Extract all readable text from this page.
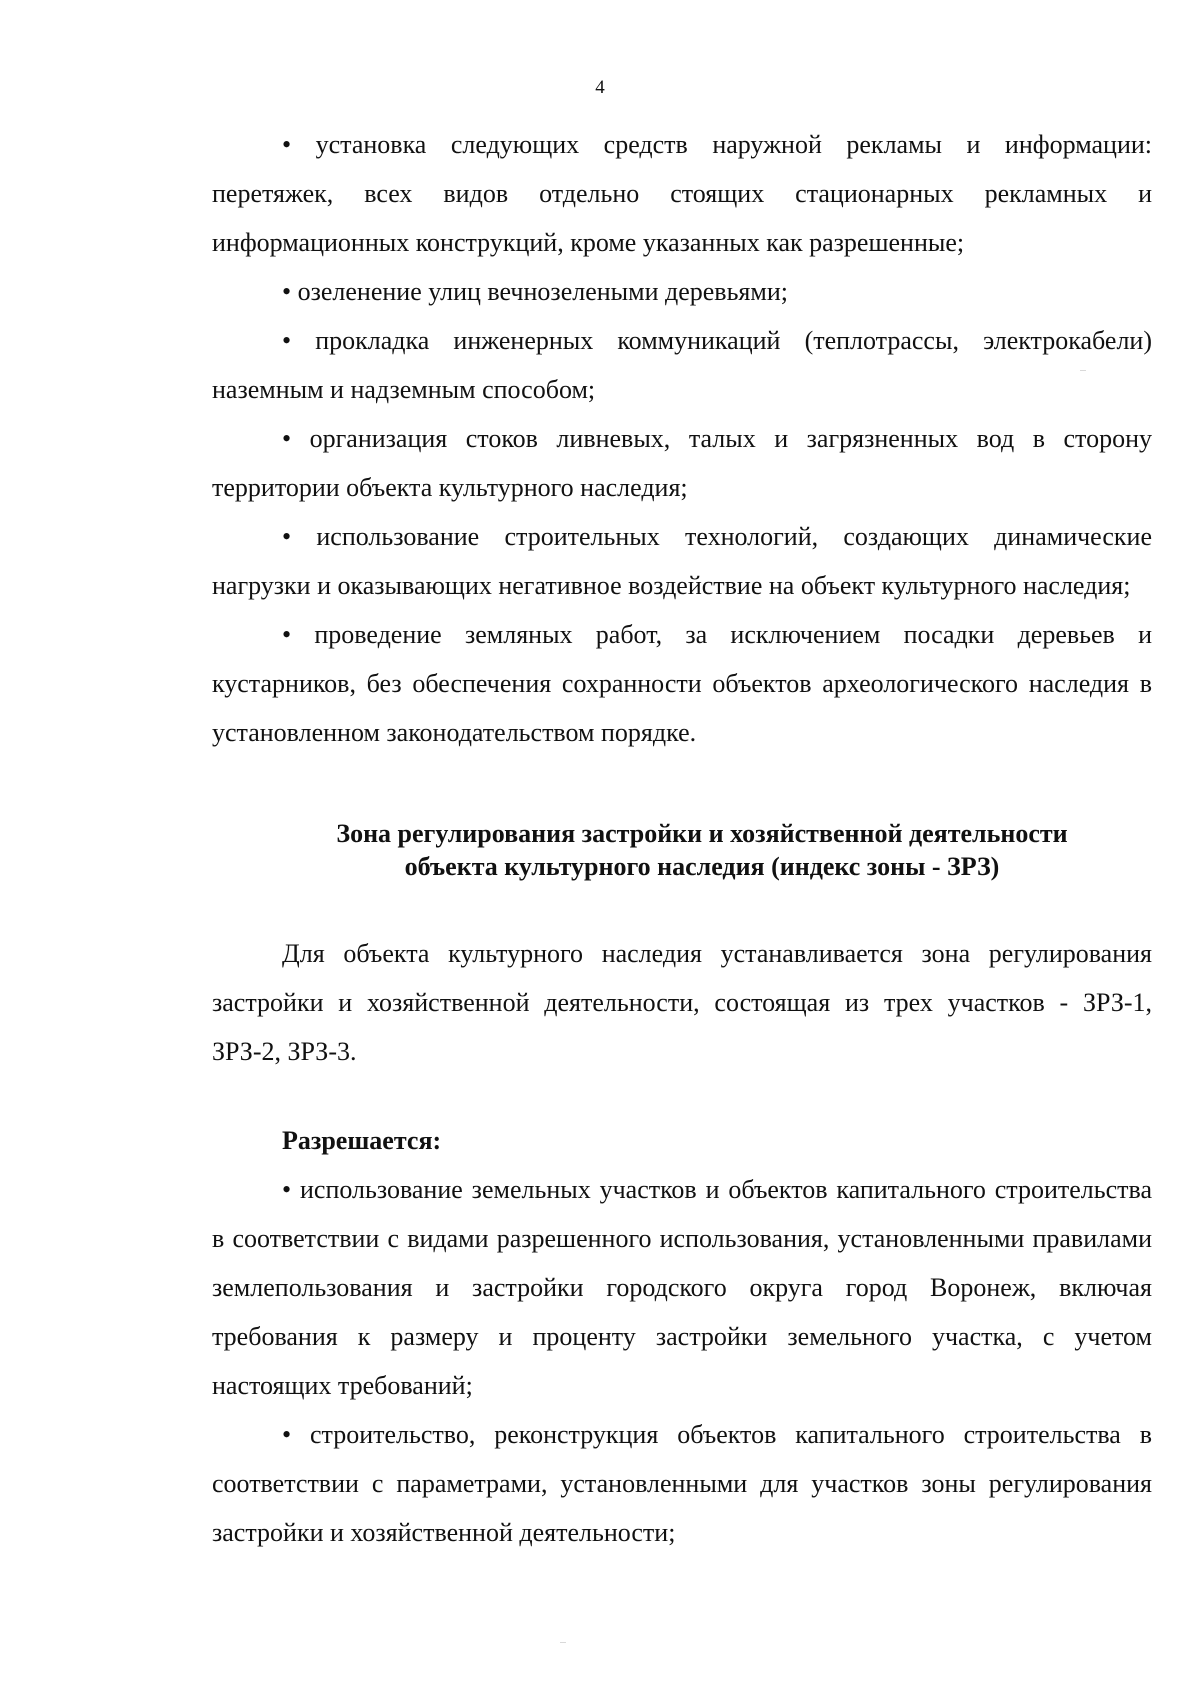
4

• установка следующих средств наружной рекламы и информации: перетяжек, всех видов отдельно стоящих стационарных рекламных и информационных конструкций, кроме указанных как разрешенные;

• озеленение улиц вечнозелеными деревьями;

• прокладка инженерных коммуникаций (теплотрассы, электрокабели) наземным и надземным способом;

• организация стоков ливневых, талых и загрязненных вод в сторону территории объекта культурного наследия;

• использование строительных технологий, создающих динамические нагрузки и оказывающих негативное воздействие на объект культурного наследия;

• проведение земляных работ, за исключением посадки деревьев и кустарников, без обеспечения сохранности объектов археологического наследия в установленном законодательством порядке.

Зона регулирования застройки и хозяйственной деятельности

объекта культурного наследия (индекс зоны - ЗРЗ)

Для объекта культурного наследия устанавливается зона регулирования застройки и хозяйственной деятельности, состоящая из трех участков - ЗРЗ-1, ЗРЗ-2, ЗРЗ-3.

Разрешается:

• использование земельных участков и объектов капитального строительства в соответствии с видами разрешенного использования, установленными правилами землепользования и застройки городского округа город Воронеж, включая требования к размеру и проценту застройки земельного участка, с учетом настоящих требований;

• строительство, реконструкция объектов капитального строительства в соответствии с параметрами, установленными для участков зоны регулирования застройки и хозяйственной деятельности;
